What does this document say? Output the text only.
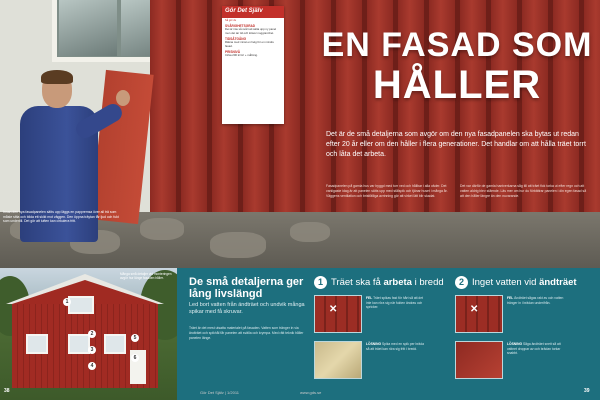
Innan den nya fasadpanelen sätts upp läggs en pappremsa över all trä som måste sitta och bilda ett skikt mot väggen. Den öppna träytan får ljud och fukt som undertill. Det gör att luften kan cirkulera fritt.
Gör Det Själv
Så gör du
SVÅRIGHETSGRAD
Det är inte så svårt att sätta upp ny panel men det tar tid och kräver noggrannhet.
TIDSÅTGÅNG
Räkna med minst en helg för en mindre fasad.
PRISNIVÅ
Cirka 200 kr/m² + målning.	EN FASAD SOM
HÅLLER
Det är de små detaljerna som avgör om den nya fasadpanelen ska bytas ut redan efter 20 år eller om den håller i flera generationer. Det handlar om att hålla träet torrt och låta det arbeta.
Fasadpanelen på gamla hus var byggd med torr ved och hållbar i alla väder. Det vanligaste idag är att panelen sätts upp med stålspik och tjänar huset i många år. Väggens ventilation och bristfälliga avrinning gör att virket lätt blir skadat.
Det var därför de gamla hantverkarna såg till att träet fick torka ut efter regn och att vatten aldrig blev stående. Läs mer om hur du förbättrar panelen i din egen fasad så att den håller längre än den nuvarande.
1
2
3
4
5
6
Många små detaljer vid monteringen avgör hur länge fasaden håller.
38
De små detaljerna ger lång livslängd
Led bort vatten från ändträet och undvik många spikar med få skruvar.
Träet är det mest utsatta materialet på fasaden. Vatten som tränger in via ändträet och spikhål får panelen att svälla och krympa. Med rätt teknik håller panelen länge.
Gör Det Själv | 1/2011
1 Träet ska få arbeta i bredd
✕
FEL Träet spikas fast för hårt så att det inte kan röra sig när fukten ändras och spricker.
LÖSNING Spika med en spik per bräda så att träet kan röra sig fritt i bredd.
2 Inget vatten vid ändträet
✕
FEL Ändträet sågas rakt av och vatten tränger in i brädan underifrån.
LÖSNING Såga ändträet snett så att vattnet droppar av och brädan torkar snabbt.
www.gds.se	39
